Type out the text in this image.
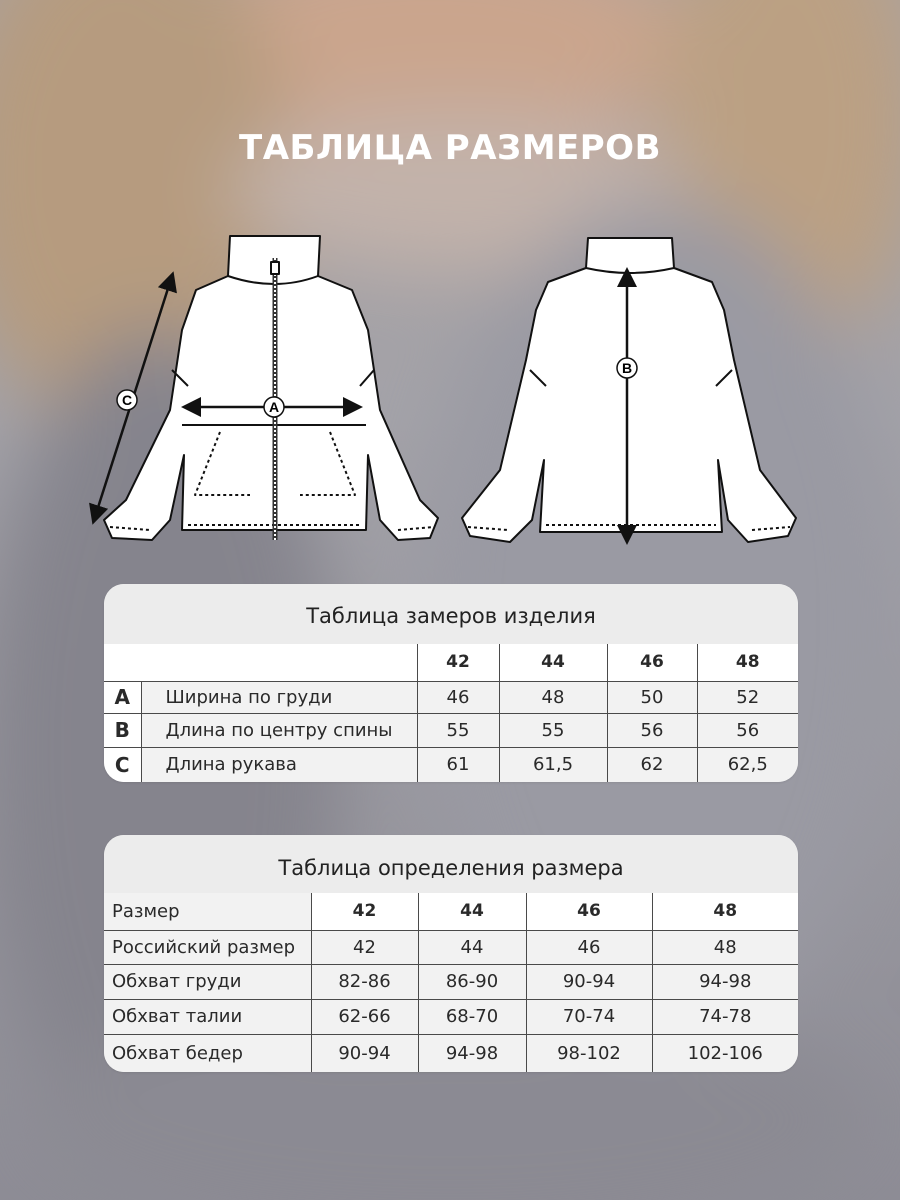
ТАБЛИЦА РАЗМЕРОВ
A
B
C
Таблица замеров изделия
		42	44	46	48
A	Ширина по груди	46	48	50	52
B	Длина по центру спины	55	55	56	56
C	Длина рукава	61	61,5	62	62,5
Таблица определения размера
Размер	42	44	46	48
Российский размер	42	44	46	48
Обхват груди	82-86	86-90	90-94	94-98
Обхват талии	62-66	68-70	70-74	74-78
Обхват бедер	90-94	94-98	98-102	102-106
